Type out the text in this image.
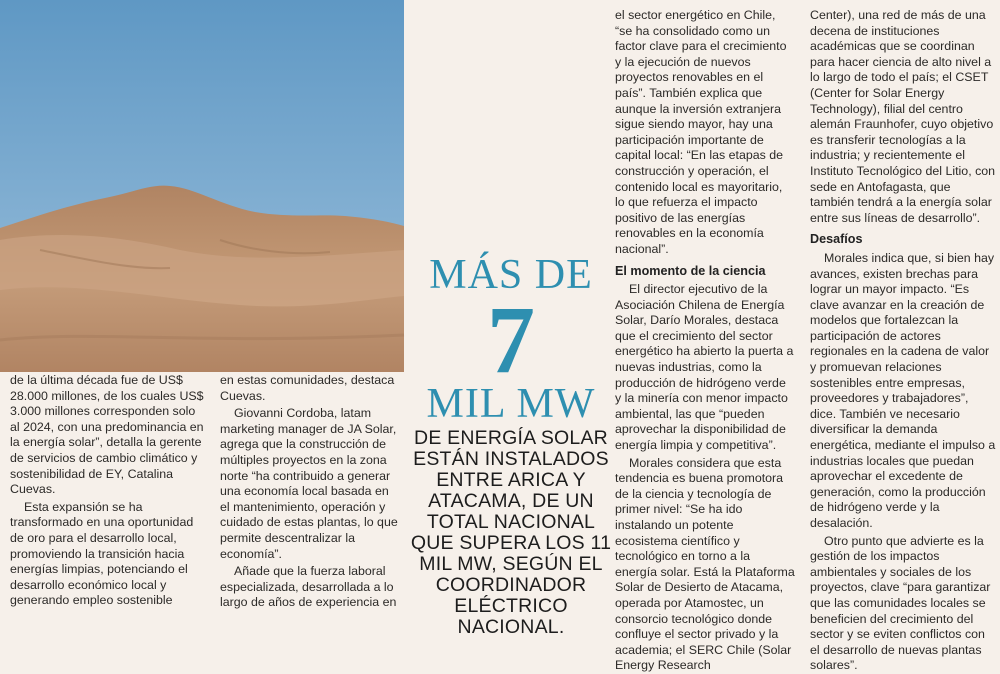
de la última década fue de US$ 28.000 millones, de los cuales US$ 3.000 millones corresponden solo al 2024, con una predominancia en la energía solar”, detalla la gerente de servicios de cambio climático y sostenibilidad de EY, Catalina Cuevas.

Esta expansión se ha transformado en una oportunidad de oro para el desarrollo local, promoviendo la transición hacia energías limpias, potenciando el desarrollo económico local y generando empleo sostenible

en estas comunidades, destaca Cuevas.

Giovanni Cordoba, latam marketing manager de JA Solar, agrega que la construcción de múltiples proyectos en la zona norte “ha contribuido a generar una economía local basada en el mantenimiento, operación y cuidado de estas plantas, lo que permite descentralizar la economía”.

Añade que la fuerza laboral especializada, desarrollada a lo largo de años de experiencia en

MÁS DE
7
MIL MW
DE ENERGÍA SOLAR ESTÁN INSTALADOS ENTRE ARICA Y ATACAMA, DE UN TOTAL NACIONAL QUE SUPERA LOS 11 MIL MW, SEGÚN EL COORDINADOR ELÉCTRICO NACIONAL.

el sector energético en Chile, “se ha consolidado como un factor clave para el crecimiento y la ejecución de nuevos proyectos renovables en el país”. También explica que aunque la inversión extranjera sigue siendo mayor, hay una participación importante de capital local: “En las etapas de construcción y operación, el contenido local es mayoritario, lo que refuerza el impacto positivo de las energías renovables en la economía nacional”.

El momento de la ciencia

El director ejecutivo de la Asociación Chilena de Energía Solar, Darío Morales, destaca que el crecimiento del sector energético ha abierto la puerta a nuevas industrias, como la producción de hidrógeno verde y la minería con menor impacto ambiental, las que “pueden aprovechar la disponibilidad de energía limpia y competitiva”.

Morales considera que esta tendencia es buena promotora de la ciencia y tecnología de primer nivel: “Se ha ido instalando un potente ecosistema científico y tecnológico en torno a la energía solar. Está la Plataforma Solar de Desierto de Atacama, operada por Atamostec, un consorcio tecnológico donde confluye el sector privado y la academia; el SERC Chile (Solar Energy Research

Center), una red de más de una decena de instituciones académicas que se coordinan para hacer ciencia de alto nivel a lo largo de todo el país; el CSET (Center for Solar Energy Technology), filial del centro alemán Fraunhofer, cuyo objetivo es transferir tecnologías a la industria; y recientemente el Instituto Tecnológico del Litio, con sede en Antofagasta, que también tendrá a la energía solar entre sus líneas de desarrollo”.

Desafíos

Morales indica que, si bien hay avances, existen brechas para lograr un mayor impacto. “Es clave avanzar en la creación de modelos que fortalezcan la participación de actores regionales en la cadena de valor y promuevan relaciones sostenibles entre empresas, proveedores y trabajadores”, dice. También ve necesario diversificar la demanda energética, mediante el impulso a industrias locales que puedan aprovechar el excedente de generación, como la producción de hidrógeno verde y la desalación.

Otro punto que advierte es la gestión de los impactos ambientales y sociales de los proyectos, clave “para garantizar que las comunidades locales se beneficien del crecimiento del sector y se eviten conflictos con el desarrollo de nuevas plantas solares”.
